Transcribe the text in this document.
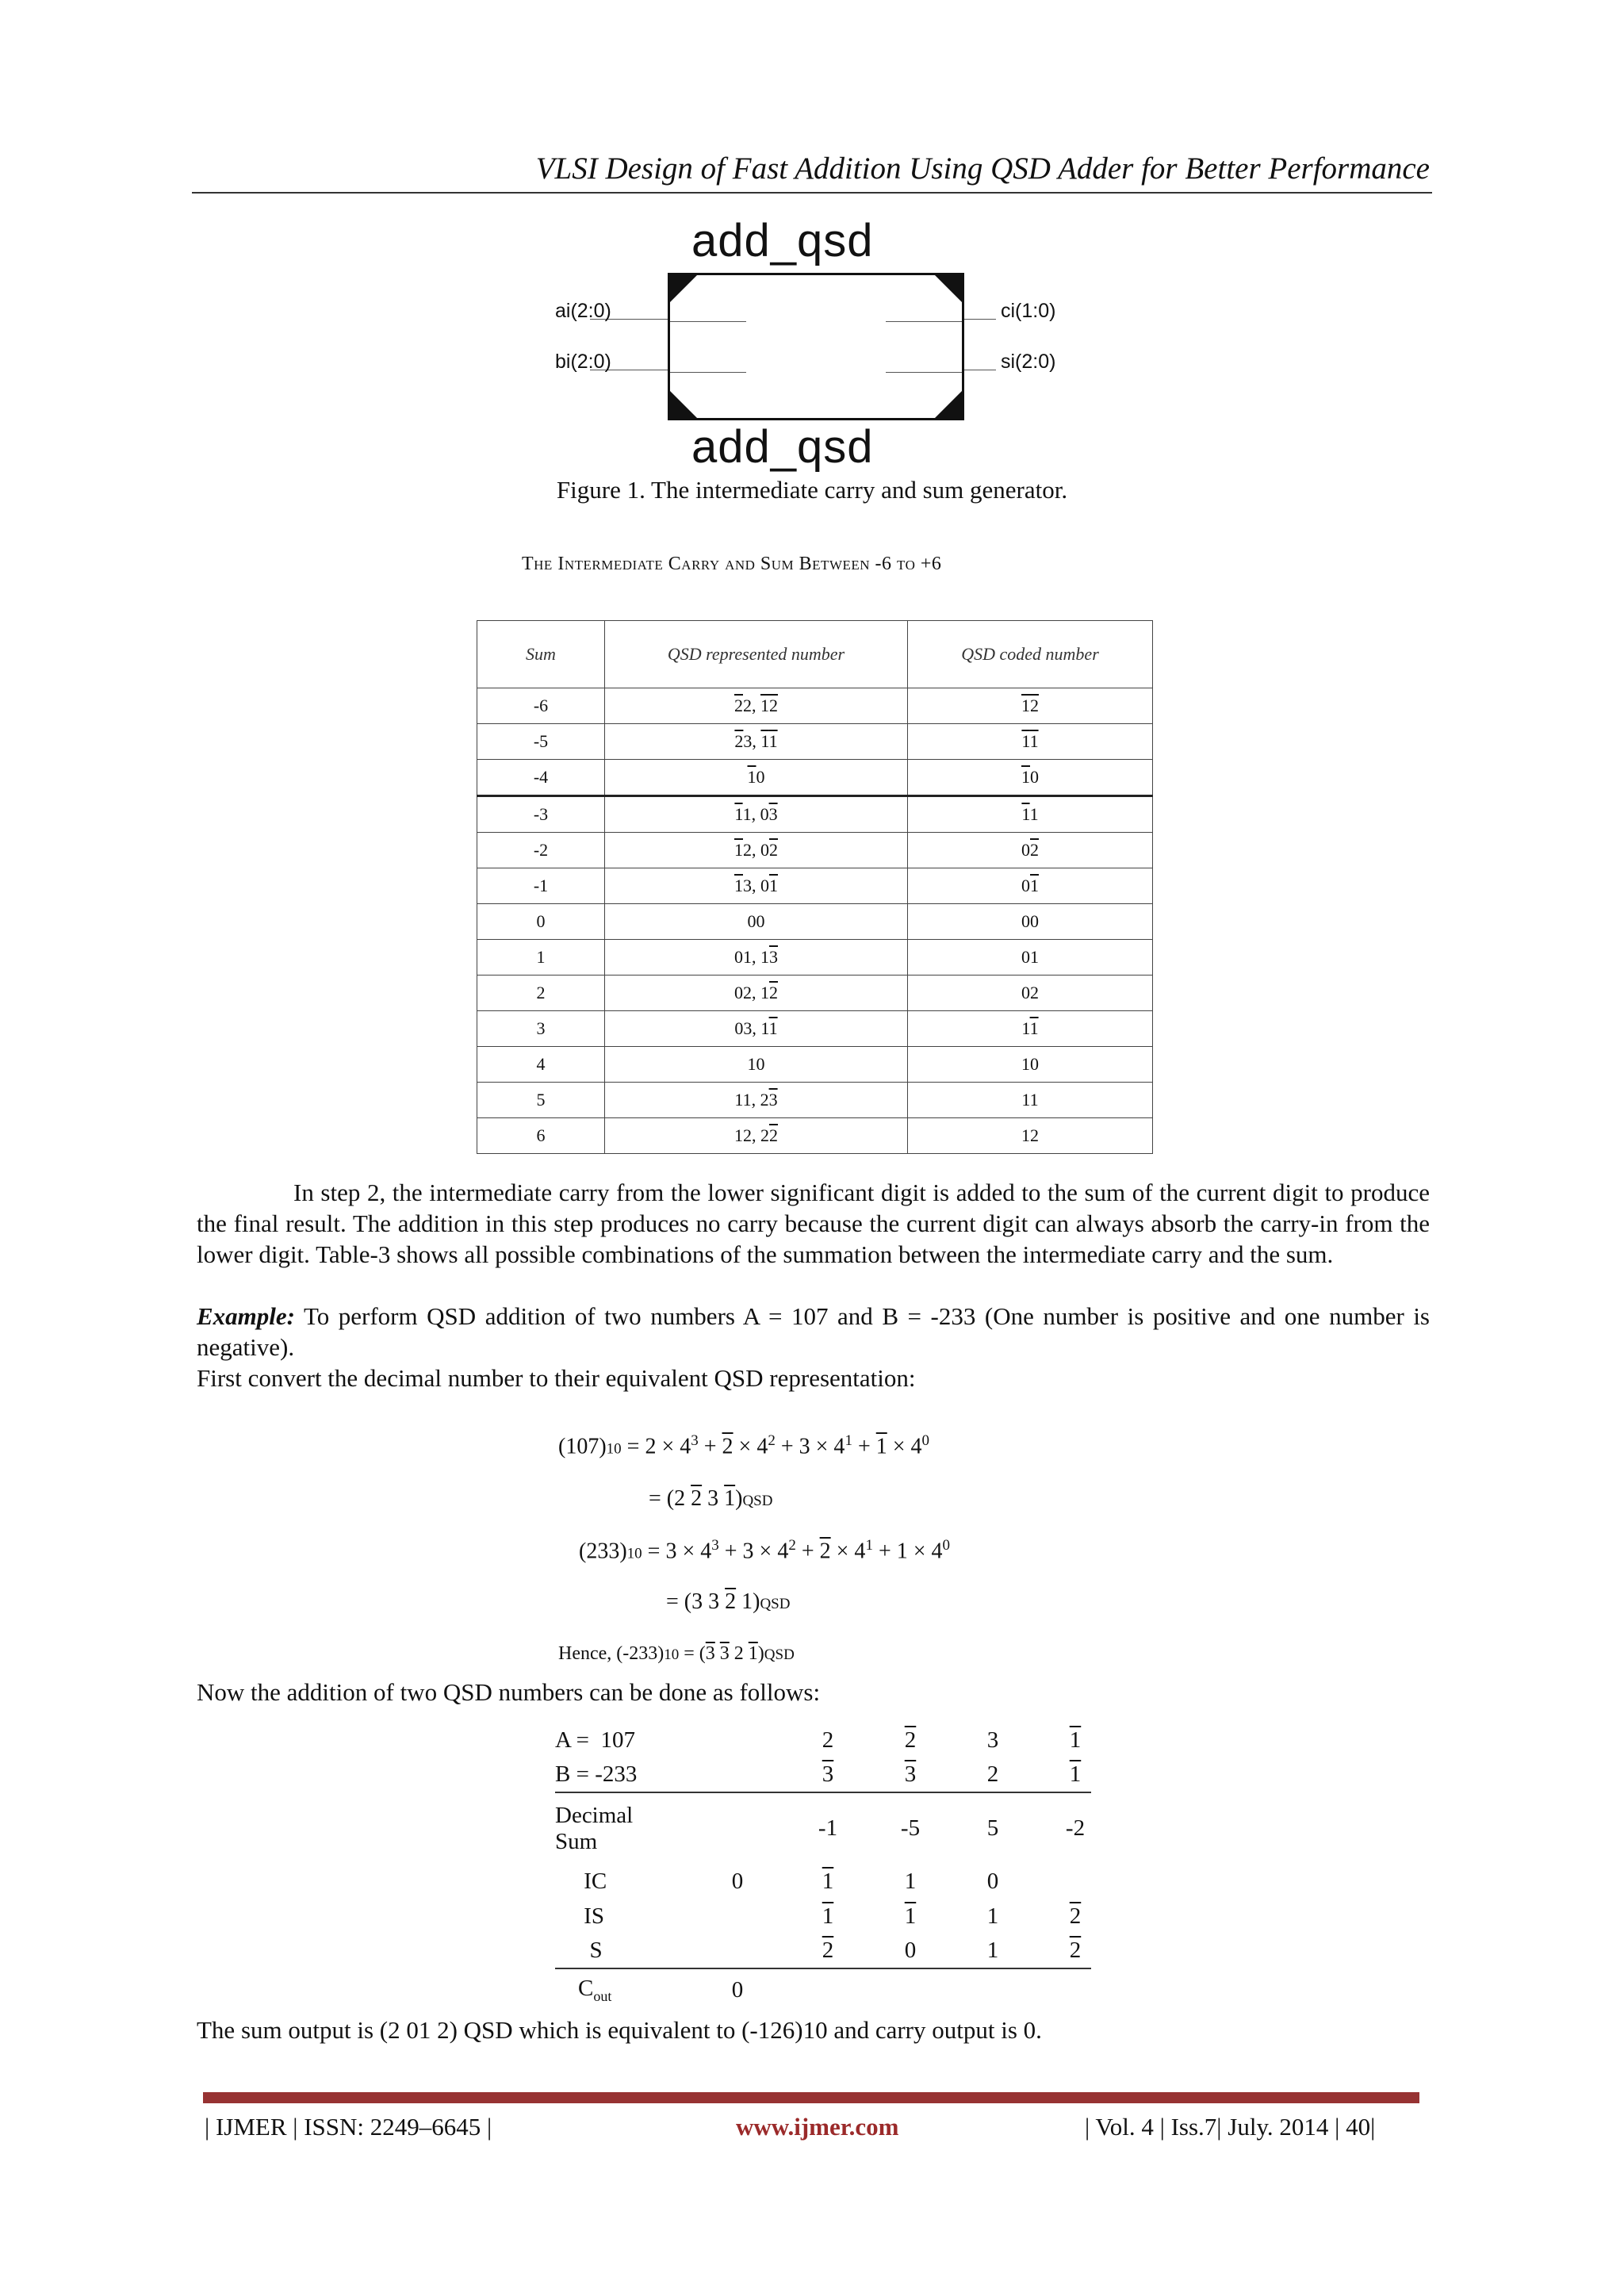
VLSI Design of Fast Addition Using QSD Adder for Better Performance
add_qsd
ai(2:0)
bi(2:0)
ci(1:0)
si(2:0)
add_qsd
Figure 1. The intermediate carry and sum generator.
The Intermediate Carry and Sum Between -6 to +6
Sum	QSD represented number	QSD coded number
-6	22, 12	12
-5	23, 11	11
-4	10	10
-3	11, 03	11
-2	12, 02	02
-1	13, 01	01
0	00	00
1	01, 13	01
2	02, 12	02
3	03, 11	11
4	10	10
5	11, 23	11
6	12, 22	12
In step 2, the intermediate carry from the lower significant digit is added to the sum of the current digit to produce the final result. The addition in this step produces no carry because the current digit can always absorb the carry-in from the lower digit. Table-3 shows all possible combinations of the summation between the intermediate carry and the sum.
Example: To perform QSD addition of two numbers A = 107 and B = -233 (One number is positive and one number is negative).
First convert the decimal number to their equivalent QSD representation:
$(107)10 = 2 \times 4^3 + 2 \times 4^2 + 3 \times 4^1 + 1 \times 4^0$
= (2 2 3 1)QSD
$(233)10 = 3 \times 4^3 + 3 \times 4^2 + 2 \times 4^1 + 1 \times 4^0$
= (3 3 2 1)QSD
Hence, (-233)10 = (3 3 2 1)QSD
Now the addition of two QSD numbers can be done as follows:
A =  107		2	2	3	1
B = -233		3	3	2	1
Decimal
Sum		-1	-5	5	-2
IC	0	1	1	0	
IS		1	1	1	2
S		2	0	1	2
$C_{out}$	0				
The sum output is (2 01 2) QSD which is equivalent to (-126)10 and carry output is 0.
| IJMER | ISSN: 2249–6645 |	www.ijmer.com	| Vol. 4 | Iss.7| July. 2014 | 40|
